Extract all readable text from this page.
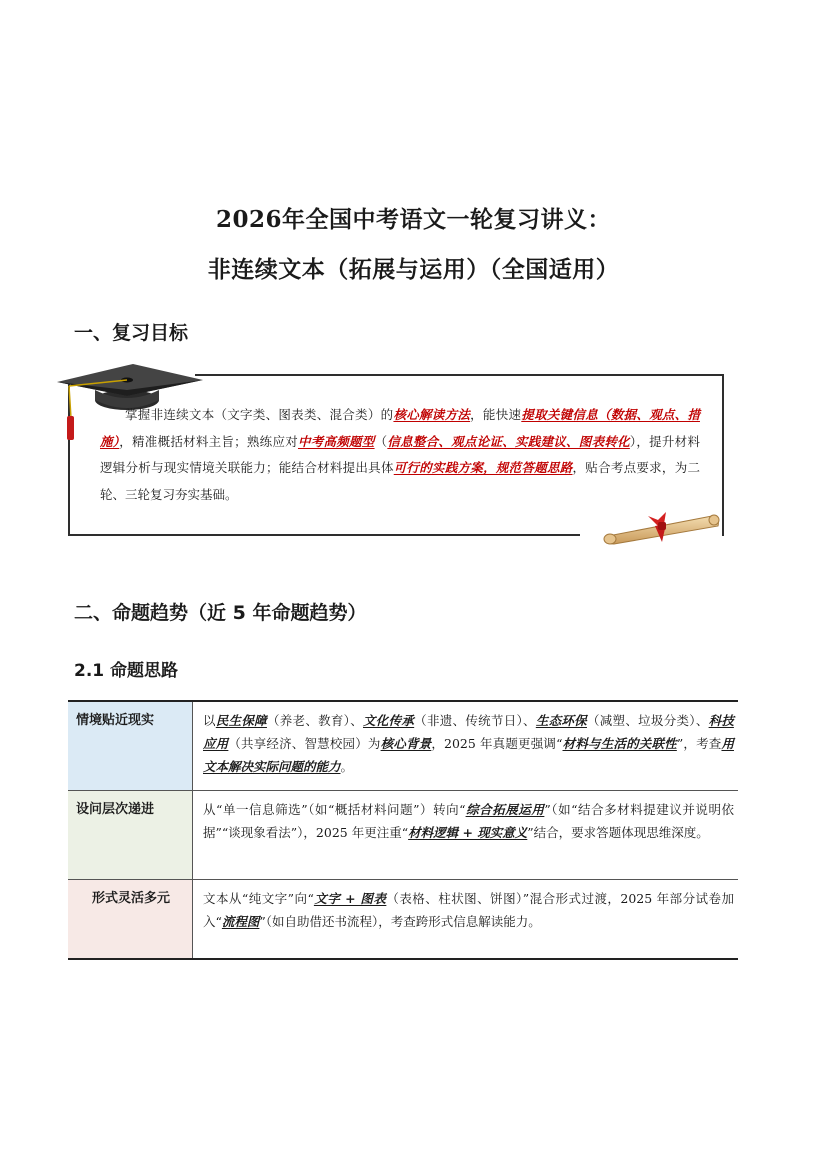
2026年全国中考语文一轮复习讲义：
非连续文本（拓展与运用）（全国适用）
一、复习目标
掌握非连续文本（文字类、图表类、混合类）的核心解读方法，能快速提取关键信息（数据、观点、措施），精准概括材料主旨；熟练应对中考高频题型（信息整合、观点论证、实践建议、图表转化），提升材料逻辑分析与现实情境关联能力；能结合材料提出具体可行的实践方案，规范答题思路，贴合考点要求，为二轮、三轮复习夯实基础。
二、命题趋势（近 5 年命题趋势）
2.1 命题思路
情境贴近现实	以民生保障（养老、教育）、文化传承（非遗、传统节日）、生态环保（减塑、垃圾分类）、科技应用（共享经济、智慧校园）为核心背景，2025 年真题更强调“材料与生活的关联性”，考查用文本解决实际问题的能力。
设问层次递进	从“单一信息筛选”（如“概括材料问题”）转向“综合拓展运用”（如“结合多材料提建议并说明依据”“谈现象看法”），2025 年更注重“材料逻辑 + 现实意义”结合，要求答题体现思维深度。
形式灵活多元	文本从“纯文字”向“文字 + 图表（表格、柱状图、饼图）”混合形式过渡，2025 年部分试卷加入“流程图”（如自助借还书流程），考查跨形式信息解读能力。
